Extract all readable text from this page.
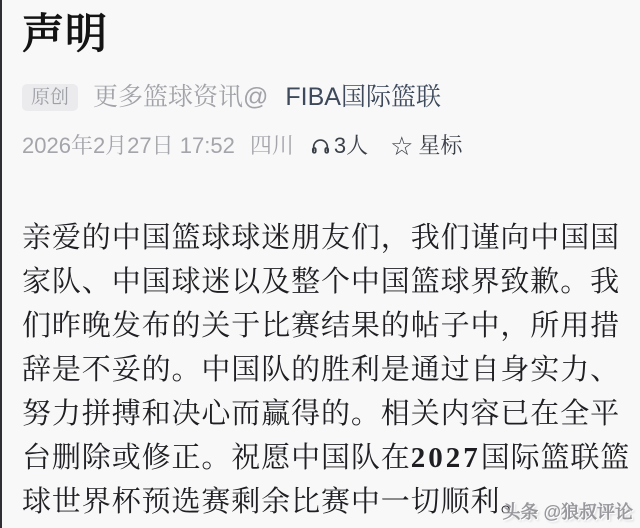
声明
原创 更多篮球资讯@ FIBA国际篮联
2026年2月27日 17:52 四川 3人 ☆ 星标
亲爱的中国篮球球迷朋友们，我们谨向中国国
家队、中国球迷以及整个中国篮球界致歉。我
们昨晚发布的关于比赛结果的帖子中，所用措
辞是不妥的。中国队的胜利是通过自身实力、
努力拼搏和决心而赢得的。相关内容已在全平
台删除或修正。祝愿中国队在2027国际篮联篮
球世界杯预选赛剩余比赛中一切顺利。
头条 @狼叔评论
